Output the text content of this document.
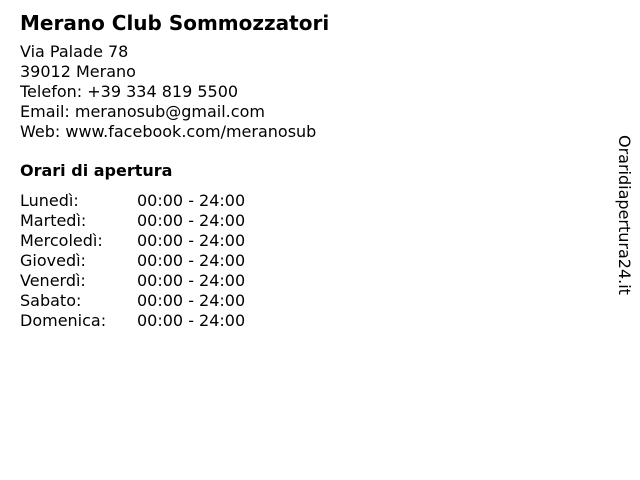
Merano Club Sommozzatori
Via Palade 78
39012 Merano
Telefon: +39 334 819 5500
Email: meranosub@gmail.com
Web: www.facebook.com/meranosub
Orari di apertura
Lunedì:	00:00 - 24:00
Martedì:	00:00 - 24:00
Mercoledì:	00:00 - 24:00
Giovedì:	00:00 - 24:00
Venerdì:	00:00 - 24:00
Sabato:	00:00 - 24:00
Domenica:	00:00 - 24:00
Oraridiapertura24.it
